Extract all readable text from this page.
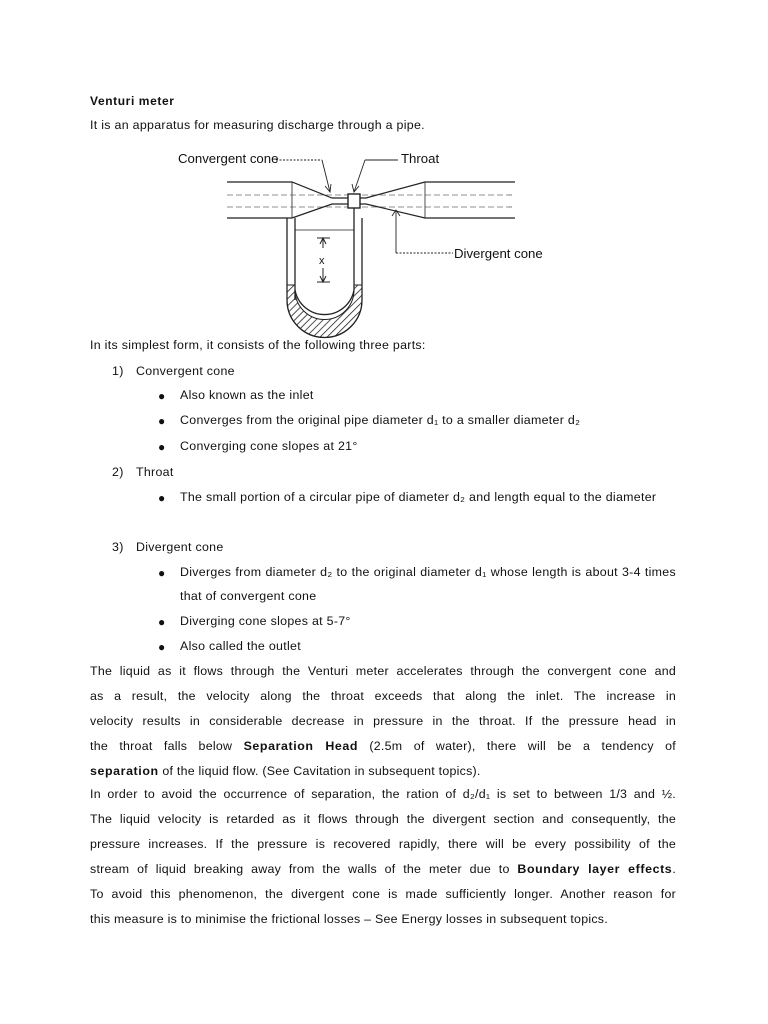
Venturi meter
It is an apparatus for measuring discharge through a pipe.
x
Convergent cone	Throat
Divergent cone
In its simplest form, it consists of the following three parts:
1) Convergent cone
● Also known as the inlet
● Converges from the original pipe diameter d₁ to a smaller diameter d₂
● Converging cone slopes at 21°
2) Throat
● The small portion of a circular pipe of diameter d₂ and length equal to the diameter
3) Divergent cone
● Diverges from diameter d₂ to the original diameter d₁ whose length is about 3-4 times that of convergent cone
● Diverging cone slopes at 5-7°
● Also called the outlet
The liquid as it flows through the Venturi meter accelerates through the convergent cone and
as a result, the velocity along the throat exceeds that along the inlet. The increase in
velocity results in considerable decrease in pressure in the throat. If the pressure head in
the throat falls below Separation Head (2.5m of water), there will be a tendency of
separation of the liquid flow. (See Cavitation in subsequent topics).
In order to avoid the occurrence of separation, the ration of d₂/d₁ is set to between 1/3 and ½.
The liquid velocity is retarded as it flows through the divergent section and consequently, the
pressure increases. If the pressure is recovered rapidly, there will be every possibility of the
stream of liquid breaking away from the walls of the meter due to Boundary layer effects.
To avoid this phenomenon, the divergent cone is made sufficiently longer. Another reason for
this measure is to minimise the frictional losses – See Energy losses in subsequent topics.
